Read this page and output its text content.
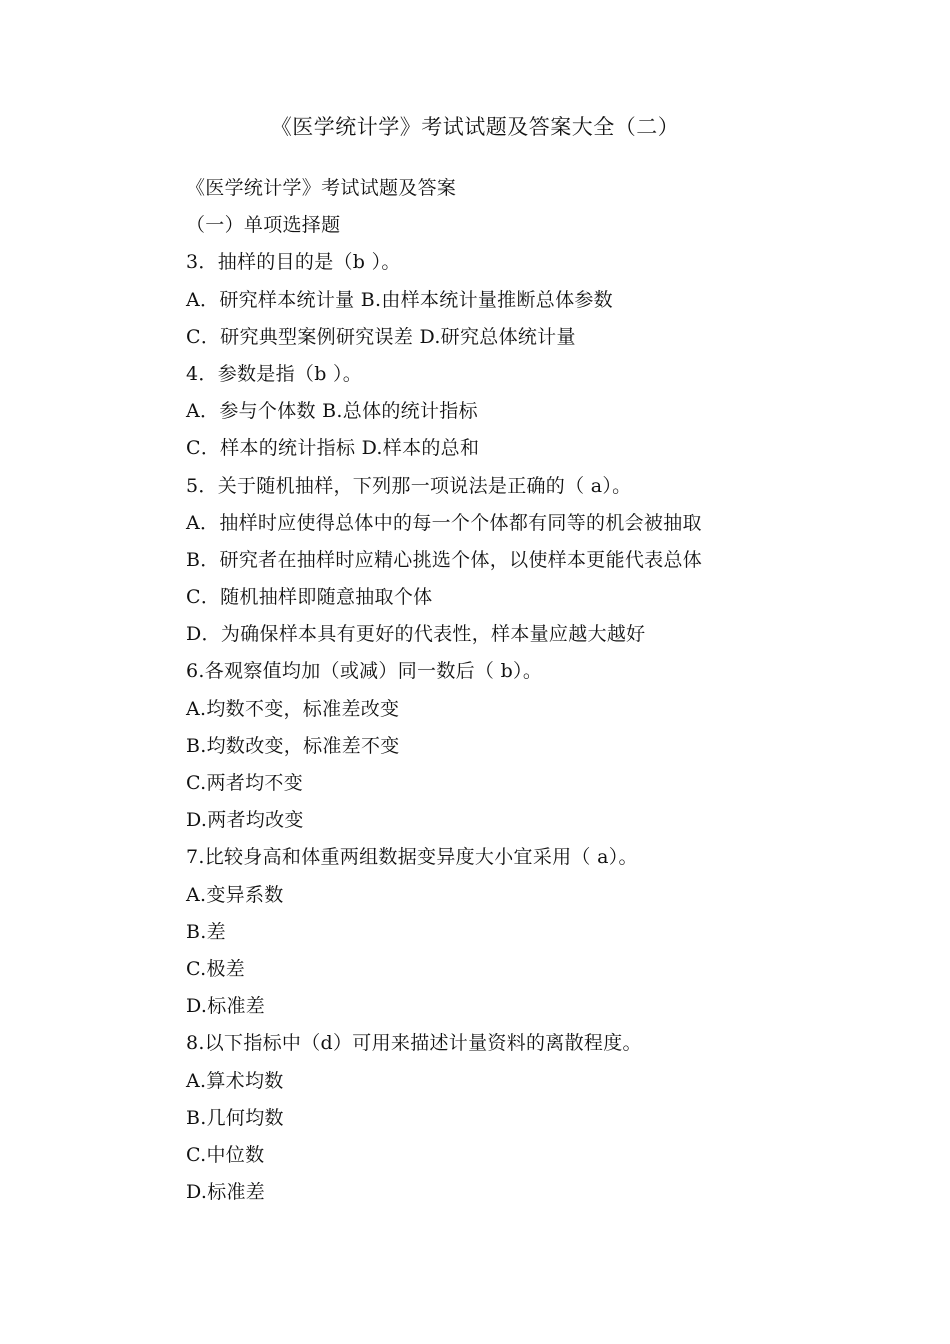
《医学统计学》考试试题及答案大全（二）
《医学统计学》考试试题及答案
（一）单项选择题
3．抽样的目的是（b ）。
A．研究样本统计量 B.由样本统计量推断总体参数
C．研究典型案例研究误差 D.研究总体统计量
4．参数是指（b ）。
A．参与个体数 B.总体的统计指标
C．样本的统计指标 D.样本的总和
5．关于随机抽样，下列那一项说法是正确的（ a）。
A．抽样时应使得总体中的每一个个体都有同等的机会被抽取
B．研究者在抽样时应精心挑选个体，以使样本更能代表总体
C．随机抽样即随意抽取个体
D．为确保样本具有更好的代表性，样本量应越大越好
6.各观察值均加（或减）同一数后（ b）。
A.均数不变，标准差改变
B.均数改变，标准差不变
C.两者均不变
D.两者均改变
7.比较身高和体重两组数据变异度大小宜采用（ a）。
A.变异系数
B.差
C.极差
D.标准差
8.以下指标中（d）可用来描述计量资料的离散程度。
A.算术均数
B.几何均数
C.中位数
D.标准差
